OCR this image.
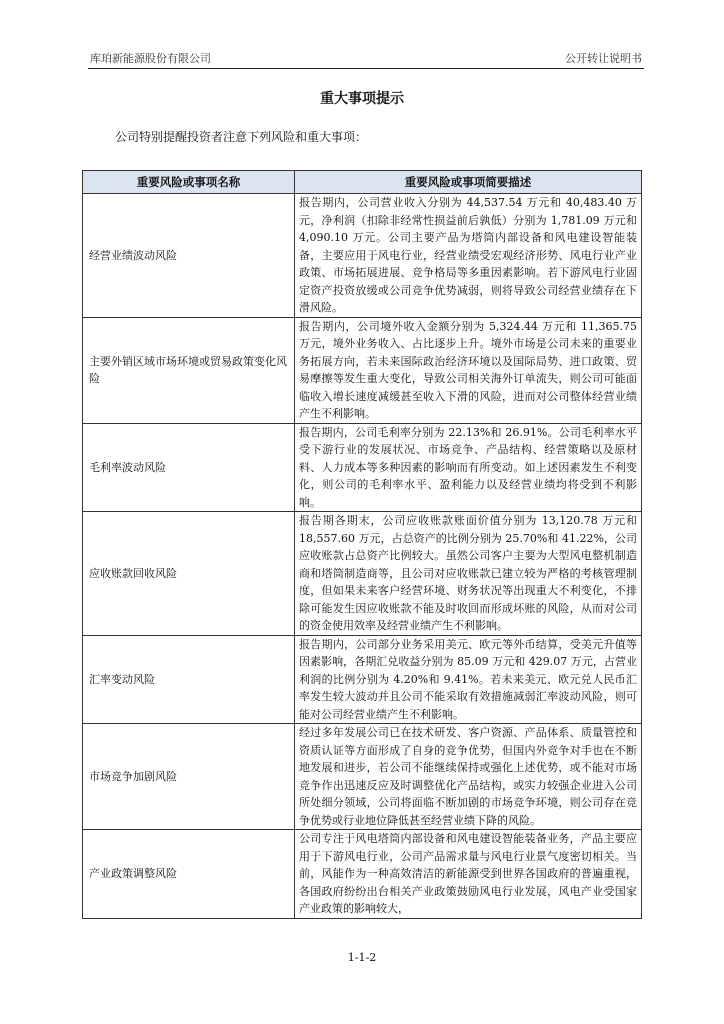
库珀新能源股份有限公司	公开转让说明书
重大事项提示
公司特别提醒投资者注意下列风险和重大事项：
重要风险或事项名称	重要风险或事项简要描述
经营业绩波动风险	报告期内，公司营业收入分别为 44,537.54 万元和 40,483.40 万元，净利润（扣除非经常性损益前后孰低）分别为 1,781.09 万元和 4,090.10 万元。公司主要产品为塔筒内部设备和风电建设智能装备，主要应用于风电行业，经营业绩受宏观经济形势、风电行业产业政策、市场拓展进展、竞争格局等多重因素影响。若下游风电行业固定资产投资放缓或公司竞争优势减弱，则将导致公司经营业绩存在下滑风险。
主要外销区域市场环境或贸易政策变化风险	报告期内，公司境外收入金额分别为 5,324.44 万元和 11,365.75 万元，境外业务收入、占比逐步上升。境外市场是公司未来的重要业务拓展方向，若未来国际政治经济环境以及国际局势、进口政策、贸易摩擦等发生重大变化，导致公司相关海外订单流失，则公司可能面临收入增长速度减缓甚至收入下滑的风险，进而对公司整体经营业绩产生不利影响。
毛利率波动风险	报告期内，公司毛利率分别为 22.13%和 26.91%。公司毛利率水平受下游行业的发展状况、市场竞争、产品结构、经营策略以及原材料、人力成本等多种因素的影响而有所变动。如上述因素发生不利变化，则公司的毛利率水平、盈利能力以及经营业绩均将受到不利影响。
应收账款回收风险	报告期各期末，公司应收账款账面价值分别为 13,120.78 万元和 18,557.60 万元，占总资产的比例分别为 25.70%和 41.22%，公司应收账款占总资产比例较大。虽然公司客户主要为大型风电整机制造商和塔筒制造商等，且公司对应收账款已建立较为严格的考核管理制度，但如果未来客户经营环境、财务状况等出现重大不利变化，不排除可能发生因应收账款不能及时收回而形成坏账的风险，从而对公司的资金使用效率及经营业绩产生不利影响。
汇率变动风险	报告期内，公司部分业务采用美元、欧元等外币结算，受美元升值等因素影响，各期汇兑收益分别为 85.09 万元和 429.07 万元，占营业利润的比例分别为 4.20%和 9.41%。若未来美元、欧元兑人民币汇率发生较大波动并且公司不能采取有效措施减弱汇率波动风险，则可能对公司经营业绩产生不利影响。
市场竞争加剧风险	经过多年发展公司已在技术研发、客户资源、产品体系、质量管控和资质认证等方面形成了自身的竞争优势，但国内外竞争对手也在不断地发展和进步，若公司不能继续保持或强化上述优势，或不能对市场竞争作出迅速反应及时调整优化产品结构，或实力较强企业进入公司所处细分领域，公司将面临不断加剧的市场竞争环境，则公司存在竞争优势或行业地位降低甚至经营业绩下降的风险。
产业政策调整风险	公司专注于风电塔筒内部设备和风电建设智能装备业务，产品主要应用于下游风电行业，公司产品需求量与风电行业景气度密切相关。当前，风能作为一种高效清洁的新能源受到世界各国政府的普遍重视，各国政府纷纷出台相关产业政策鼓励风电行业发展，风电产业受国家产业政策的影响较大，
1-1-2
